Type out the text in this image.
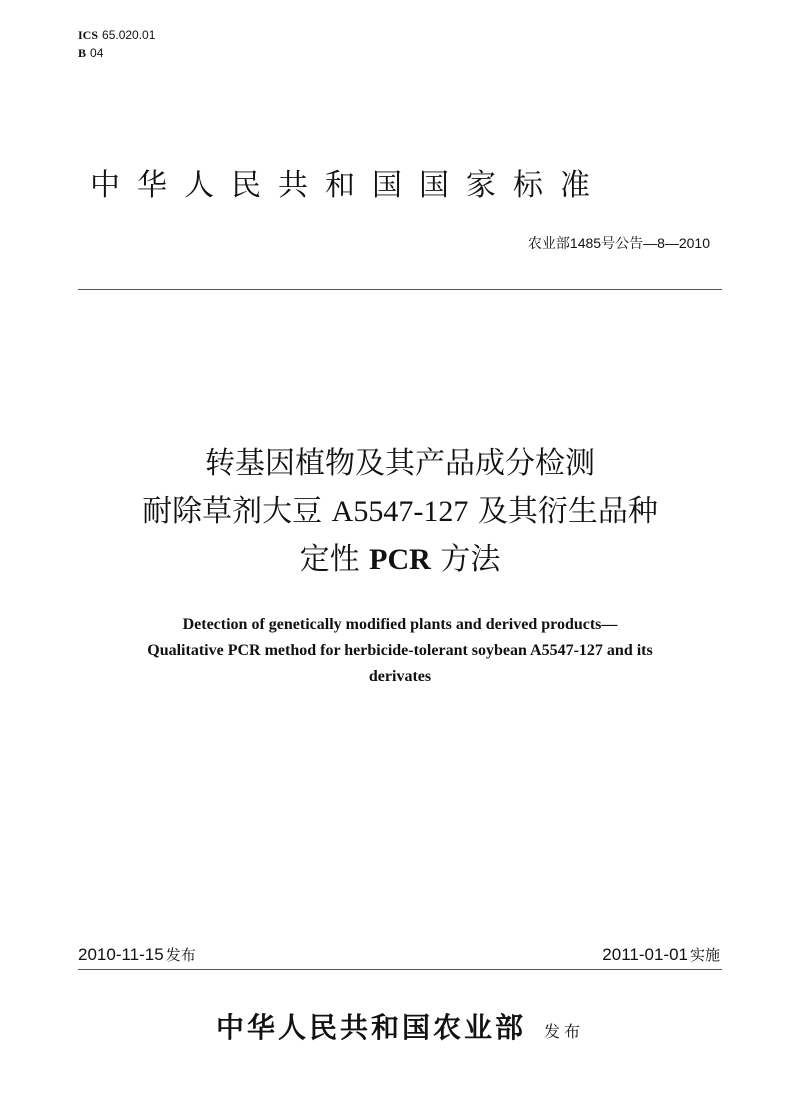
ICS 65.020.01
B 04
中华人民共和国国家标准
农业部1485号公告—8—2010
转基因植物及其产品成分检测
耐除草剂大豆 A5547-127 及其衍生品种
定性 PCR 方法
Detection of genetically modified plants and derived products—
Qualitative PCR method for herbicide-tolerant soybean A5547-127 and its
derivates
2010-11-15 发布	2011-01-01 实施
中华人民共和国农业部 发布
